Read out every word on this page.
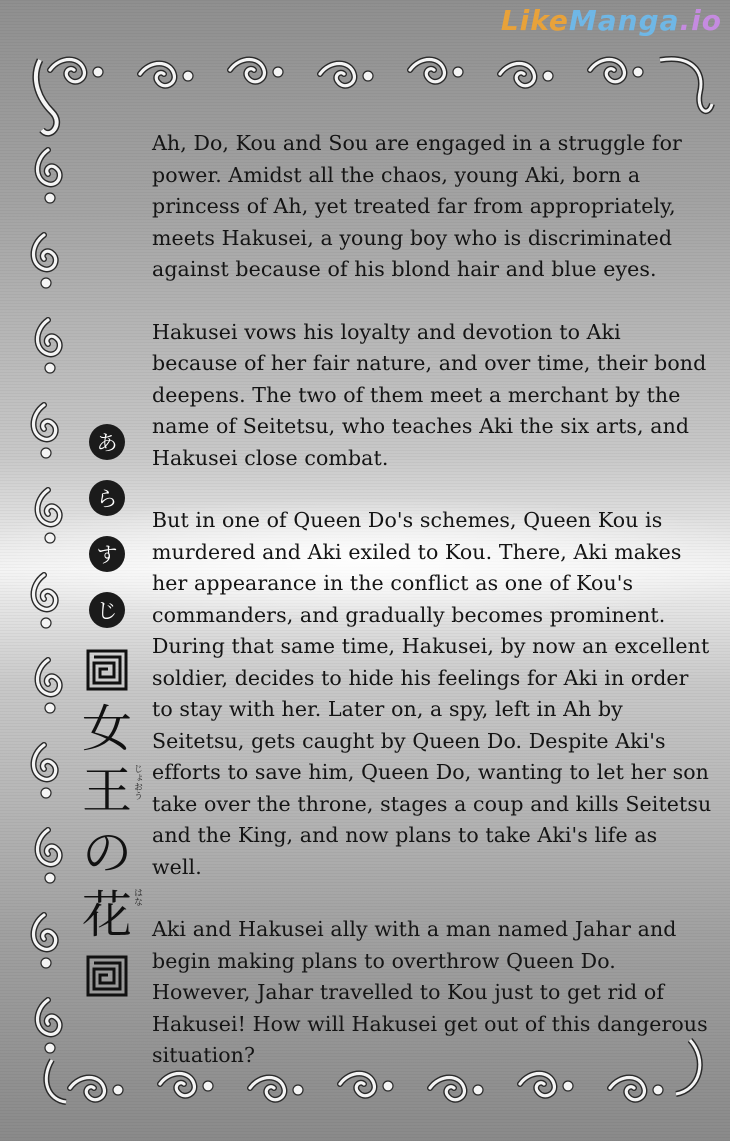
LikeManga.io
あ
ら
す
じ
女
王 じょおう
の
花 はな

Ah, Do, Kou and Sou are engaged in a struggle for power. Amidst all the chaos, young Aki, born a princess of Ah, yet treated far from appropriately, meets Hakusei, a young boy who is discriminated against because of his blond hair and blue eyes.

Hakusei vows his loyalty and devotion to Aki because of her fair nature, and over time, their bond deepens. The two of them meet a merchant by the name of Seitetsu, who teaches Aki the six arts, and Hakusei close combat.

But in one of Queen Do's schemes, Queen Kou is murdered and Aki exiled to Kou. There, Aki makes her appearance in the conflict as one of Kou's commanders, and gradually becomes prominent. During that same time, Hakusei, by now an excellent soldier, decides to hide his feelings for Aki in order to stay with her. Later on, a spy, left in Ah by Seitetsu, gets caught by Queen Do. Despite Aki's efforts to save him, Queen Do, wanting to let her son take over the throne, stages a coup and kills Seitetsu and the King, and now plans to take Aki's life as well.

Aki and Hakusei ally with a man named Jahar and begin making plans to overthrow Queen Do. However, Jahar travelled to Kou just to get rid of Hakusei! How will Hakusei get out of this dangerous situation?
